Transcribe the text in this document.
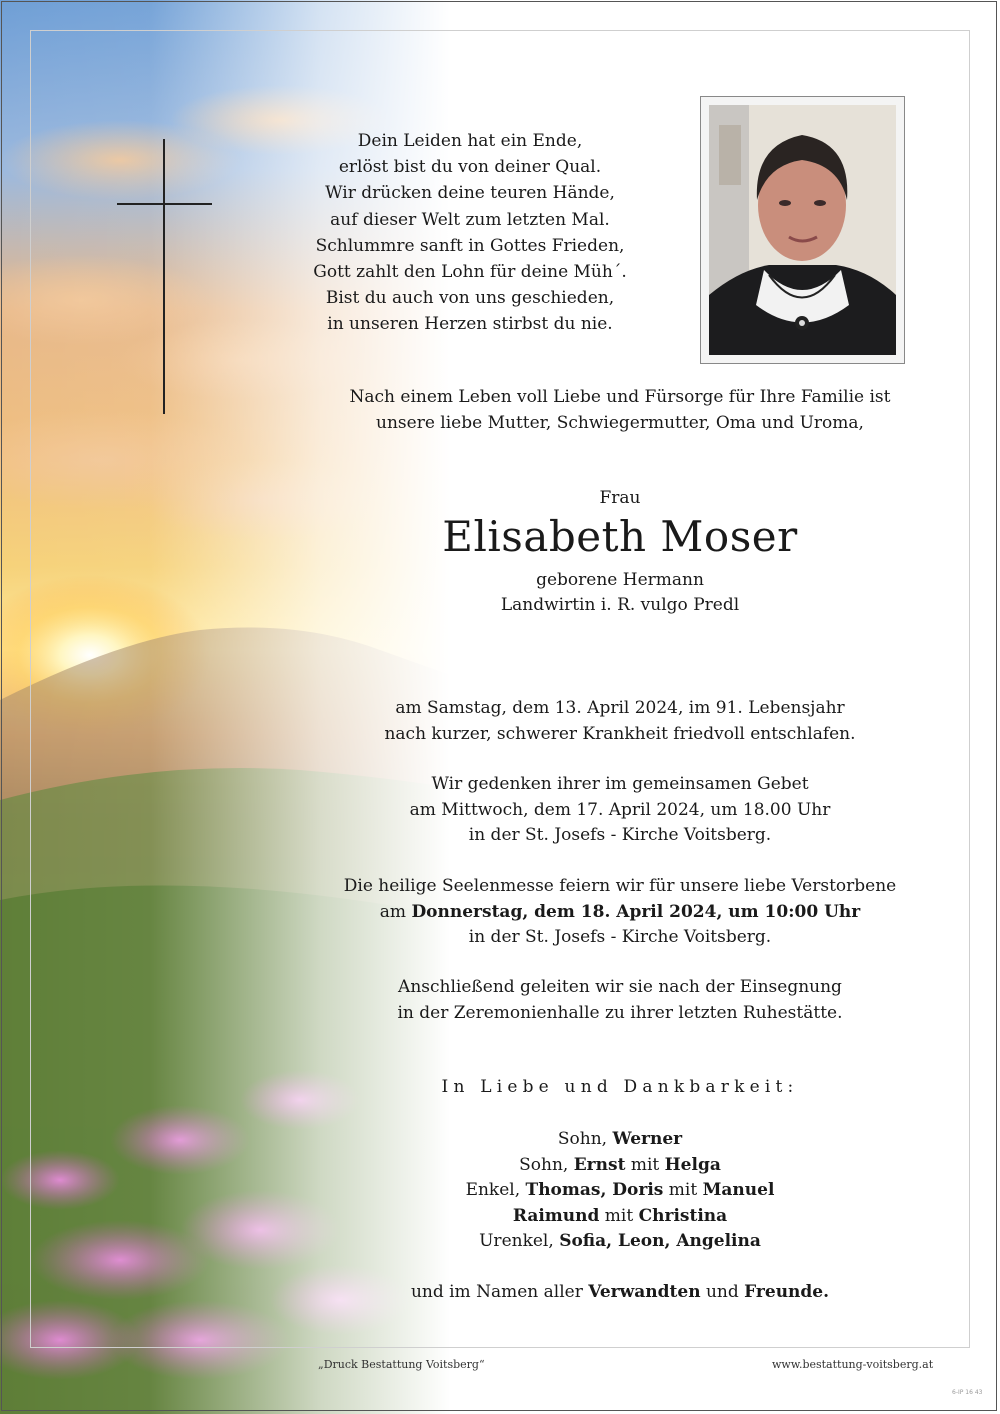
Dein Leiden hat ein Ende,
erlöst bist du von deiner Qual.
Wir drücken deine teuren Hände,
auf dieser Welt zum letzten Mal.
Schlummre sanft in Gottes Frieden,
Gott zahlt den Lohn für deine Müh´.
Bist du auch von uns geschieden,
in unseren Herzen stirbst du nie.
Nach einem Leben voll Liebe und Fürsorge für Ihre Familie ist
unsere liebe Mutter, Schwiegermutter, Oma und Uroma,
Frau
Elisabeth Moser
geborene Hermann
Landwirtin i. R. vulgo Predl
am Samstag, dem 13. April 2024, im 91. Lebensjahr
nach kurzer, schwerer Krankheit friedvoll entschlafen.
Wir gedenken ihrer im gemeinsamen Gebet
am Mittwoch, dem 17. April 2024, um 18.00 Uhr
in der St. Josefs - Kirche Voitsberg.
Die heilige Seelenmesse feiern wir für unsere liebe Verstorbene
am Donnerstag, dem 18. April 2024, um 10:00 Uhr
in der St. Josefs - Kirche Voitsberg.
Anschließend geleiten wir sie nach der Einsegnung
in der Zeremonienhalle zu ihrer letzten Ruhestätte.
In Liebe und Dankbarkeit:
Sohn, Werner
Sohn, Ernst mit Helga
Enkel, Thomas, Doris mit Manuel
Raimund mit Christina
Urenkel, Sofia, Leon, Angelina
und im Namen aller Verwandten und Freunde.
„Druck Bestattung Voitsberg“	www.bestattung-voitsberg.at
6-IP 16 43
